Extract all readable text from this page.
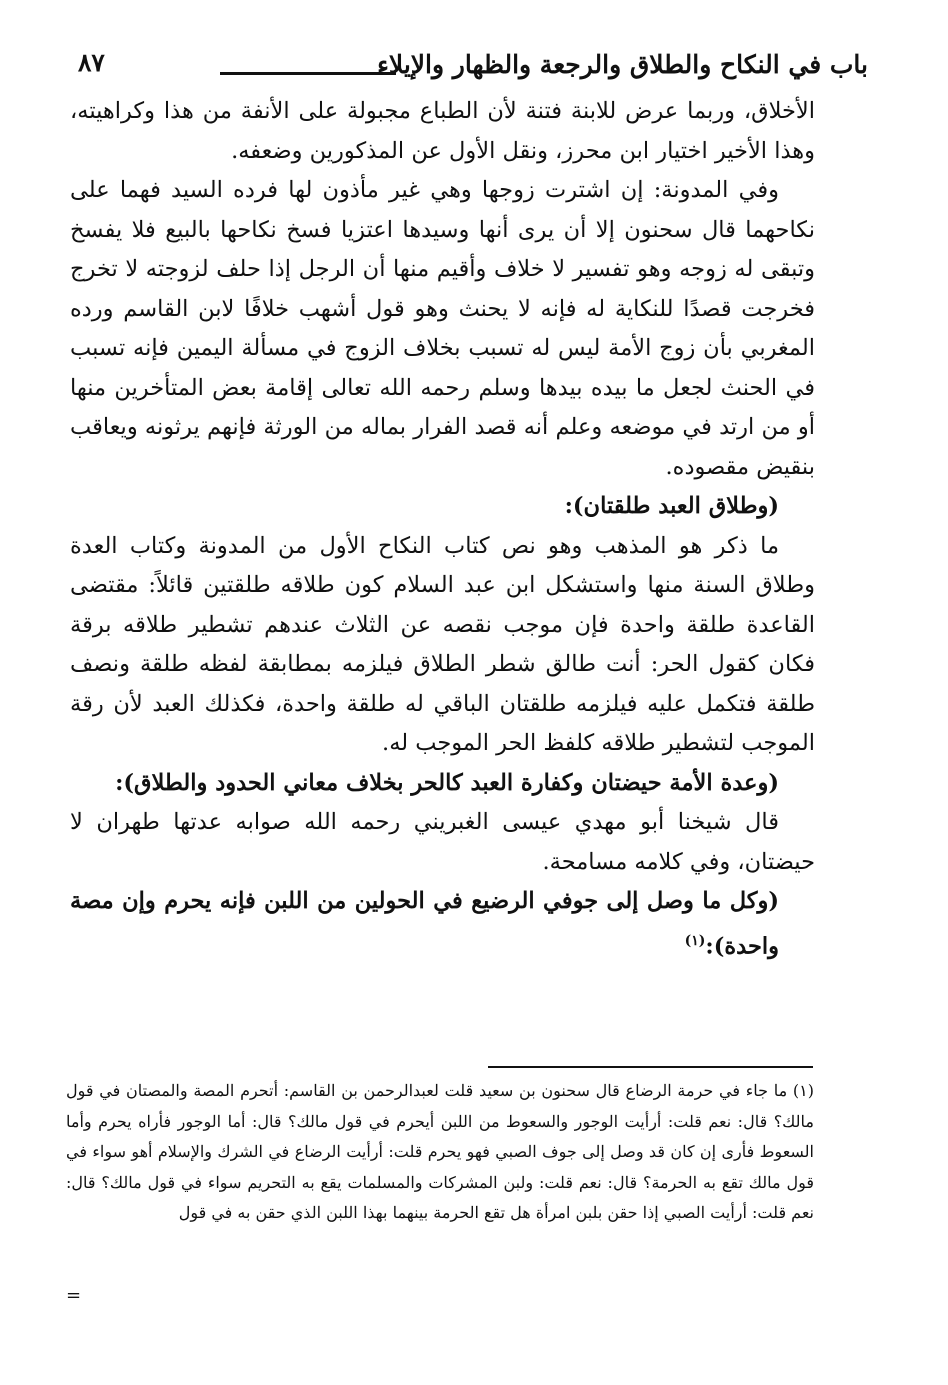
باب في النكاح والطلاق والرجعة والظهار والإيلاء
٨٧

الأخلاق، وربما عرض للابنة فتنة لأن الطباع مجبولة على الأنفة من هذا وكراهيته، وهذا الأخير اختيار ابن محرز، ونقل الأول عن المذكورين وضعفه.

وفي المدونة: إن اشترت زوجها وهي غير مأذون لها فرده السيد فهما على نكاحهما قال سحنون إلا أن يرى أنها وسيدها اعتزيا فسخ نكاحها بالبيع فلا يفسخ وتبقى له زوجه وهو تفسير لا خلاف وأقيم منها أن الرجل إذا حلف لزوجته لا تخرج فخرجت قصدًا للنكاية له فإنه لا يحنث وهو قول أشهب خلافًا لابن القاسم ورده المغربي بأن زوج الأمة ليس له تسبب بخلاف الزوج في مسألة اليمين فإنه تسبب في الحنث لجعل ما بيده بيدها وسلم رحمه الله تعالى إقامة بعض المتأخرين منها أو من ارتد في موضعه وعلم أنه قصد الفرار بماله من الورثة فإنهم يرثونه ويعاقب بنقيض مقصوده.

(وطلاق العبد طلقتان):

ما ذكر هو المذهب وهو نص كتاب النكاح الأول من المدونة وكتاب العدة وطلاق السنة منها واستشكل ابن عبد السلام كون طلاقه طلقتين قائلاً: مقتضى القاعدة طلقة واحدة فإن موجب نقصه عن الثلاث عندهم تشطير طلاقه برقة فكان كقول الحر: أنت طالق شطر الطلاق فيلزمه بمطابقة لفظه طلقة ونصف طلقة فتكمل عليه فيلزمه طلقتان الباقي له طلقة واحدة، فكذلك العبد لأن رقة الموجب لتشطير طلاقه كلفظ الحر الموجب له.

(وعدة الأمة حيضتان وكفارة العبد كالحر بخلاف معاني الحدود والطلاق):

قال شيخنا أبو مهدي عيسى الغبريني رحمه الله صوابه عدتها طهران لا حيضتان، وفي كلامه مسامحة.

(وكل ما وصل إلى جوفي الرضيع في الحولين من اللبن فإنه يحرم وإن مصة واحدة):$^{(١)}$

(١) ما جاء في حرمة الرضاع قال سحنون بن سعيد قلت لعبدالرحمن بن القاسم: أتحرم المصة والمصتان في قول مالك؟ قال: نعم قلت: أرأيت الوجور والسعوط من اللبن أيحرم في قول مالك؟ قال: أما الوجور فأراه يحرم وأما السعوط فأرى إن كان قد وصل إلى جوف الصبي فهو يحرم قلت: أرأيت الرضاع في الشرك والإسلام أهو سواء في قول مالك تقع به الحرمة؟ قال: نعم قلت: ولبن المشركات والمسلمات يقع به التحريم سواء في قول مالك؟ قال: نعم قلت: أرأيت الصبي إذا حقن بلبن امرأة هل تقع الحرمة بينهما بهذا اللبن الذي حقن به في قول

=
